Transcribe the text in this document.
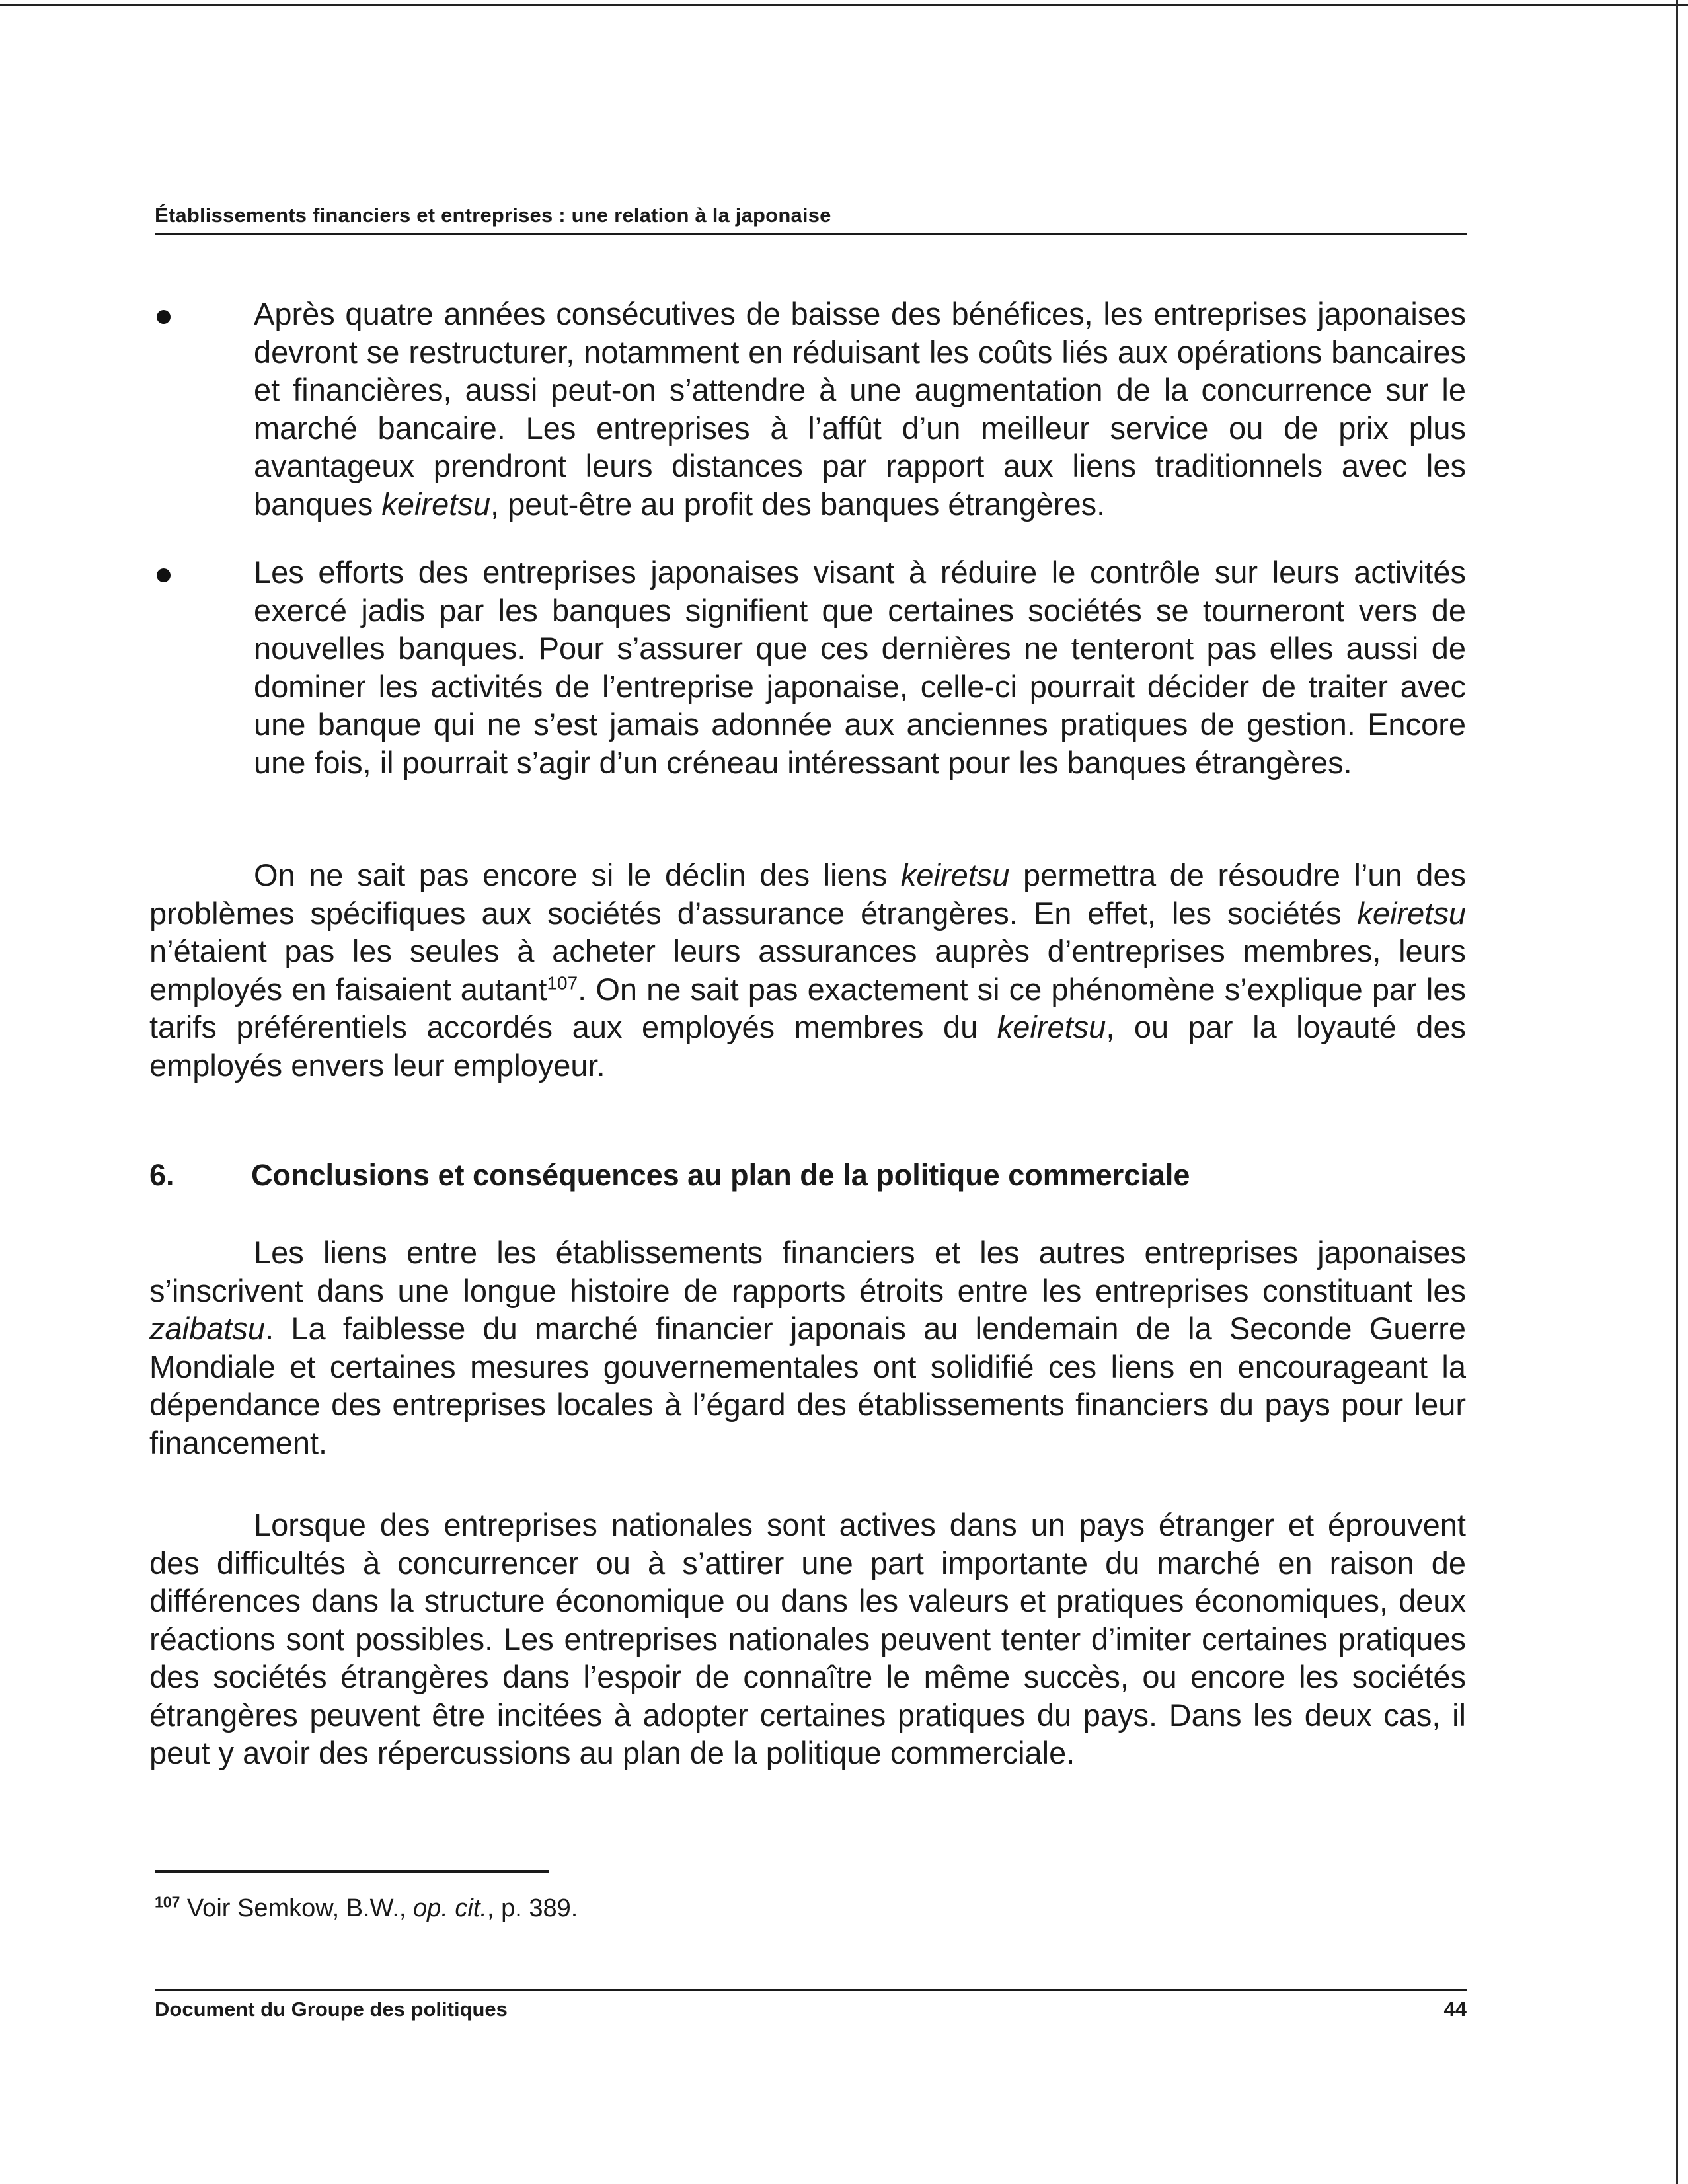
Établissements financiers et entreprises : une relation à la japonaise

Après quatre années consécutives de baisse des bénéfices, les entreprises japonaises devront se restructurer, notamment en réduisant les coûts liés aux opérations bancaires et financières, aussi peut-on s’attendre à une augmentation de la concurrence sur le marché bancaire. Les entreprises à l’affût d’un meilleur service ou de prix plus avantageux prendront leurs distances par rapport aux liens traditionnels avec les banques keiretsu, peut-être au profit des banques étrangères.

Les efforts des entreprises japonaises visant à réduire le contrôle sur leurs activités exercé jadis par les banques signifient que certaines sociétés se tourneront vers de nouvelles banques. Pour s’assurer que ces dernières ne tenteront pas elles aussi de dominer les activités de l’entreprise japonaise, celle-ci pourrait décider de traiter avec une banque qui ne s’est jamais adonnée aux anciennes pratiques de gestion. Encore une fois, il pourrait s’agir d’un créneau intéressant pour les banques étrangères.

On ne sait pas encore si le déclin des liens keiretsu permettra de résoudre l’un des problèmes spécifiques aux sociétés d’assurance étrangères. En effet, les sociétés keiretsu n’étaient pas les seules à acheter leurs assurances auprès d’entreprises membres, leurs employés en faisaient autant$^{107}$. On ne sait pas exactement si ce phénomène s’explique par les tarifs préférentiels accordés aux employés membres du keiretsu, ou par la loyauté des employés envers leur employeur.

6.	Conclusions et conséquences au plan de la politique commerciale

Les liens entre les établissements financiers et les autres entreprises japonaises s’inscrivent dans une longue histoire de rapports étroits entre les entreprises constituant les zaibatsu. La faiblesse du marché financier japonais au lendemain de la Seconde Guerre Mondiale et certaines mesures gouvernementales ont solidifié ces liens en encourageant la dépendance des entreprises locales à l’égard des établissements financiers du pays pour leur financement.

Lorsque des entreprises nationales sont actives dans un pays étranger et éprouvent des difficultés à concurrencer ou à s’attirer une part importante du marché en raison de différences dans la structure économique ou dans les valeurs et pratiques économiques, deux réactions sont possibles. Les entreprises nationales peuvent tenter d’imiter certaines pratiques des sociétés étrangères dans l’espoir de connaître le même succès, ou encore les sociétés étrangères peuvent être incitées à adopter certaines pratiques du pays. Dans les deux cas, il peut y avoir des répercussions au plan de la politique commerciale.

$^{107}$ Voir Semkow, B.W., op. cit., p. 389.
Document du Groupe des politiques	44
